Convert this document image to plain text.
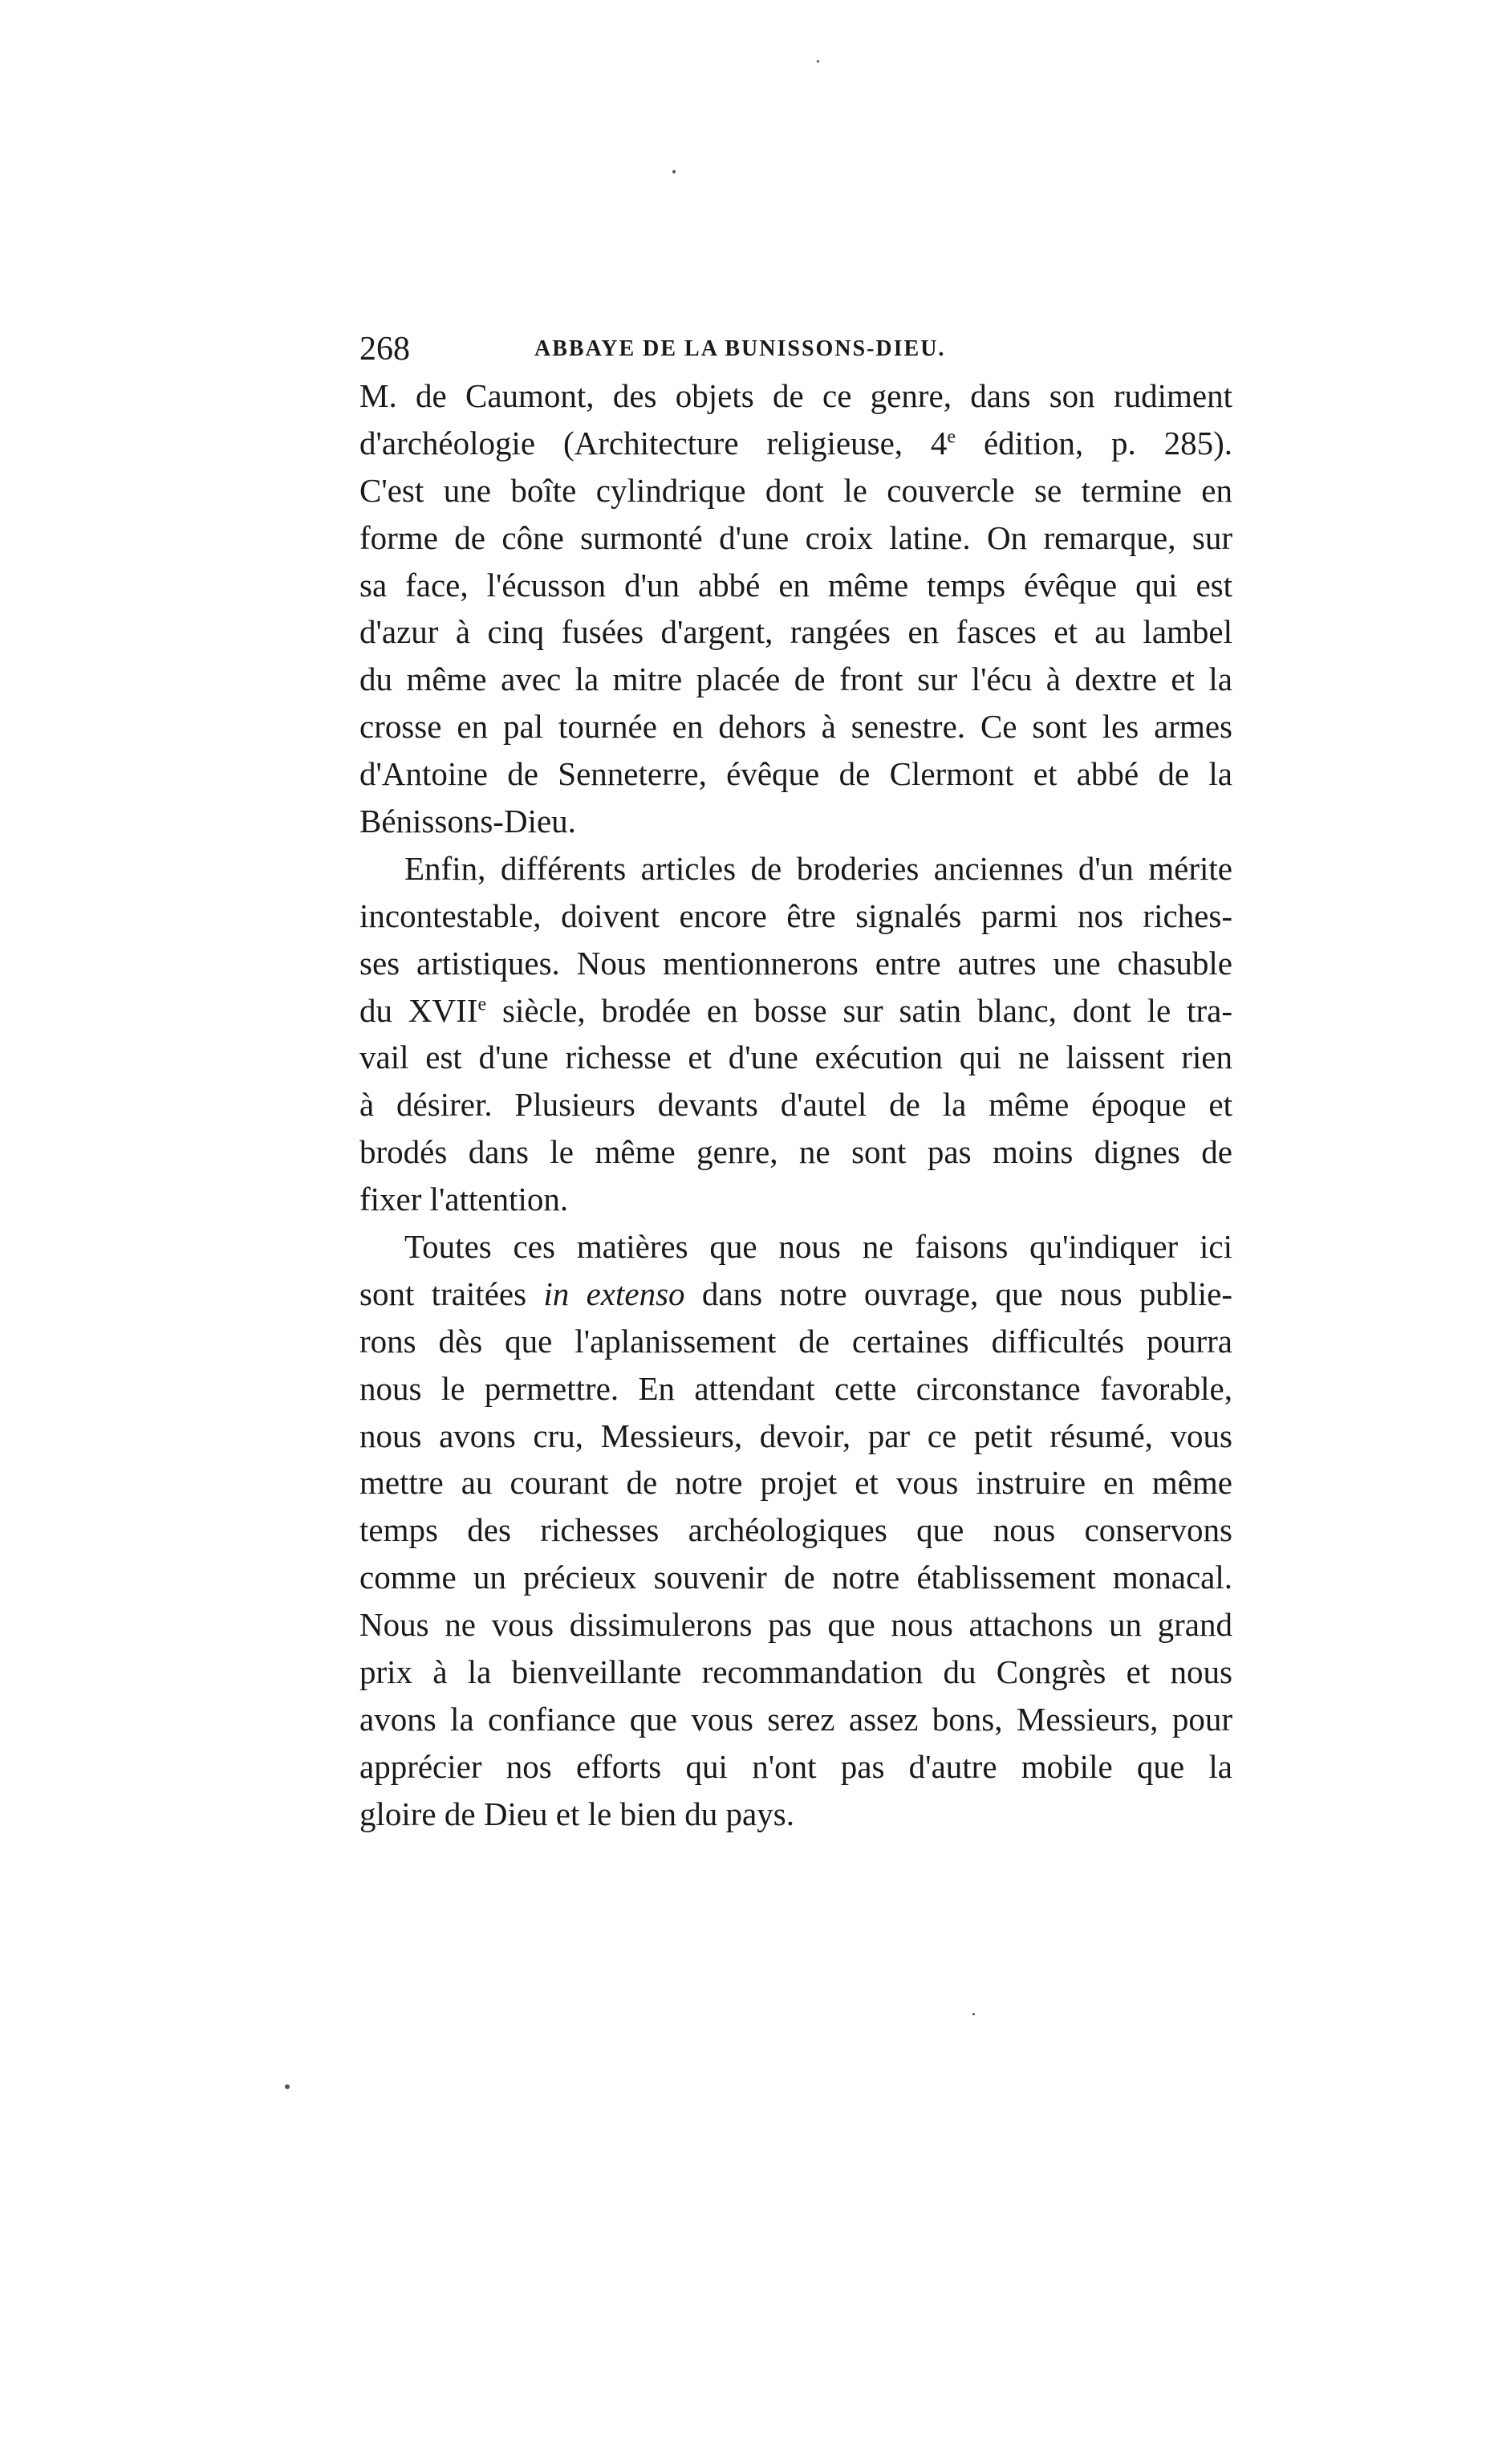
268	ABBAYE DE LA BUNISSONS-DIEU.
M. de Caumont, des objets de ce genre, dans son rudiment
d'archéologie (Architecture religieuse, 4e édition, p. 285).
C'est une boîte cylindrique dont le couvercle se termine en
forme de cône surmonté d'une croix latine. On remarque, sur
sa face, l'écusson d'un abbé en même temps évêque qui est
d'azur à cinq fusées d'argent, rangées en fasces et au lambel
du même avec la mitre placée de front sur l'écu à dextre et la
crosse en pal tournée en dehors à senestre. Ce sont les armes
d'Antoine de Senneterre, évêque de Clermont et abbé de la
Bénissons-Dieu.
Enfin, différents articles de broderies anciennes d'un mérite
incontestable, doivent encore être signalés parmi nos riches-
ses artistiques. Nous mentionnerons entre autres une chasuble
du XVIIe siècle, brodée en bosse sur satin blanc, dont le tra-
vail est d'une richesse et d'une exécution qui ne laissent rien
à désirer. Plusieurs devants d'autel de la même époque et
brodés dans le même genre, ne sont pas moins dignes de
fixer l'attention.
Toutes ces matières que nous ne faisons qu'indiquer ici
sont traitées in extenso dans notre ouvrage, que nous publie-
rons dès que l'aplanissement de certaines difficultés pourra
nous le permettre. En attendant cette circonstance favorable,
nous avons cru, Messieurs, devoir, par ce petit résumé, vous
mettre au courant de notre projet et vous instruire en même
temps des richesses archéologiques que nous conservons
comme un précieux souvenir de notre établissement monacal.
Nous ne vous dissimulerons pas que nous attachons un grand
prix à la bienveillante recommandation du Congrès et nous
avons la confiance que vous serez assez bons, Messieurs, pour
apprécier nos efforts qui n'ont pas d'autre mobile que la
gloire de Dieu et le bien du pays.
